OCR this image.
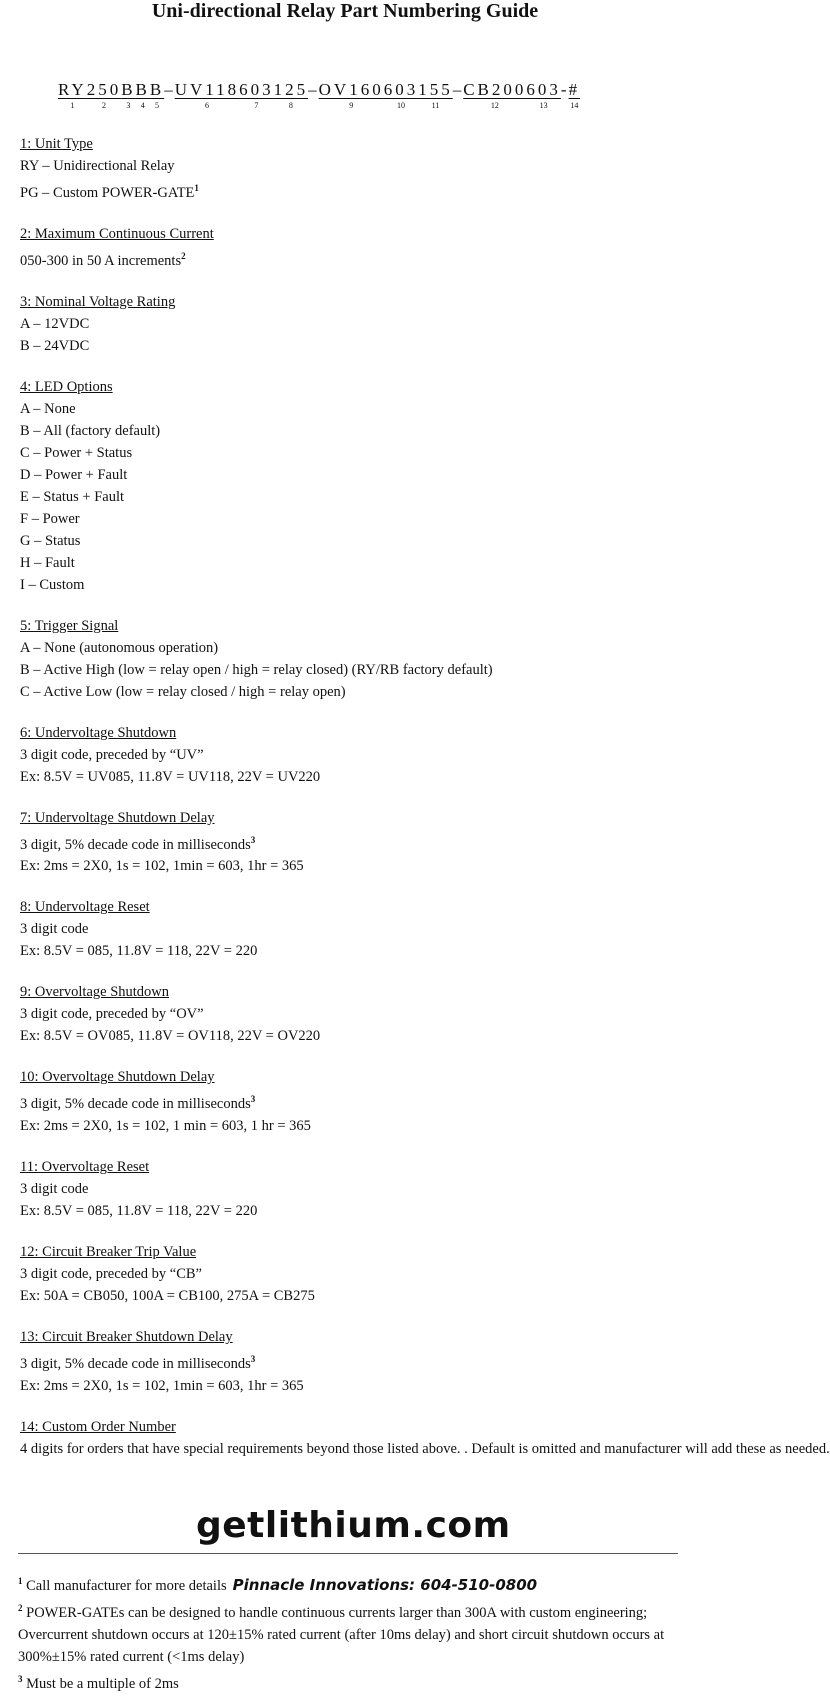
Uni-directional Relay Part Numbering Guide
RY
1
250
2
B
3
B
4
B
5
–UV118
6
603
7
125
8
–OV160
9
603
10
155
11
–CB200
12
603
13
-#
14
1: Unit Type
RY – Unidirectional Relay
PG – Custom POWER-GATE$^1$
2: Maximum Continuous Current
050-300 in 50 A increments$^2$
3: Nominal Voltage Rating
A – 12VDC
B – 24VDC
4: LED Options
A – None
B – All (factory default)
C – Power + Status
D – Power + Fault
E – Status + Fault
F – Power
G – Status
H – Fault
I – Custom
5: Trigger Signal
A – None (autonomous operation)
B – Active High (low = relay open / high = relay closed) (RY/RB factory default)
C – Active Low (low = relay closed / high = relay open)
6: Undervoltage Shutdown
3 digit code, preceded by “UV”
Ex: 8.5V = UV085, 11.8V = UV118, 22V = UV220
7: Undervoltage Shutdown Delay
3 digit, 5% decade code in milliseconds$^3$
Ex: 2ms = 2X0, 1s = 102, 1min = 603, 1hr = 365
8: Undervoltage Reset
3 digit code
Ex: 8.5V = 085, 11.8V = 118, 22V = 220
9: Overvoltage Shutdown
3 digit code, preceded by “OV”
Ex: 8.5V = OV085, 11.8V = OV118, 22V = OV220
10: Overvoltage Shutdown Delay
3 digit, 5% decade code in milliseconds$^3$
Ex: 2ms = 2X0, 1s = 102, 1 min = 603, 1 hr = 365
11: Overvoltage Reset
3 digit code
Ex: 8.5V = 085, 11.8V = 118, 22V = 220
12: Circuit Breaker Trip Value
3 digit code, preceded by “CB”
Ex: 50A = CB050, 100A = CB100, 275A = CB275
13: Circuit Breaker Shutdown Delay
3 digit, 5% decade code in milliseconds$^3$
Ex: 2ms = 2X0, 1s = 102, 1min = 603, 1hr = 365
14: Custom Order Number
4 digits for orders that have special requirements beyond those listed above. . Default is omitted and manufacturer will add these as needed.
getlithium.com
$^1$ Call manufacturer for more details Pinnacle Innovations: 604-510-0800
$^2$ POWER-GATEs can be designed to handle continuous currents larger than 300A with custom engineering; Overcurrent shutdown occurs at 120±15% rated current (after 10ms delay) and short circuit shutdown occurs at 300%±15% rated current (<1ms delay)
$^3$ Must be a multiple of 2ms
